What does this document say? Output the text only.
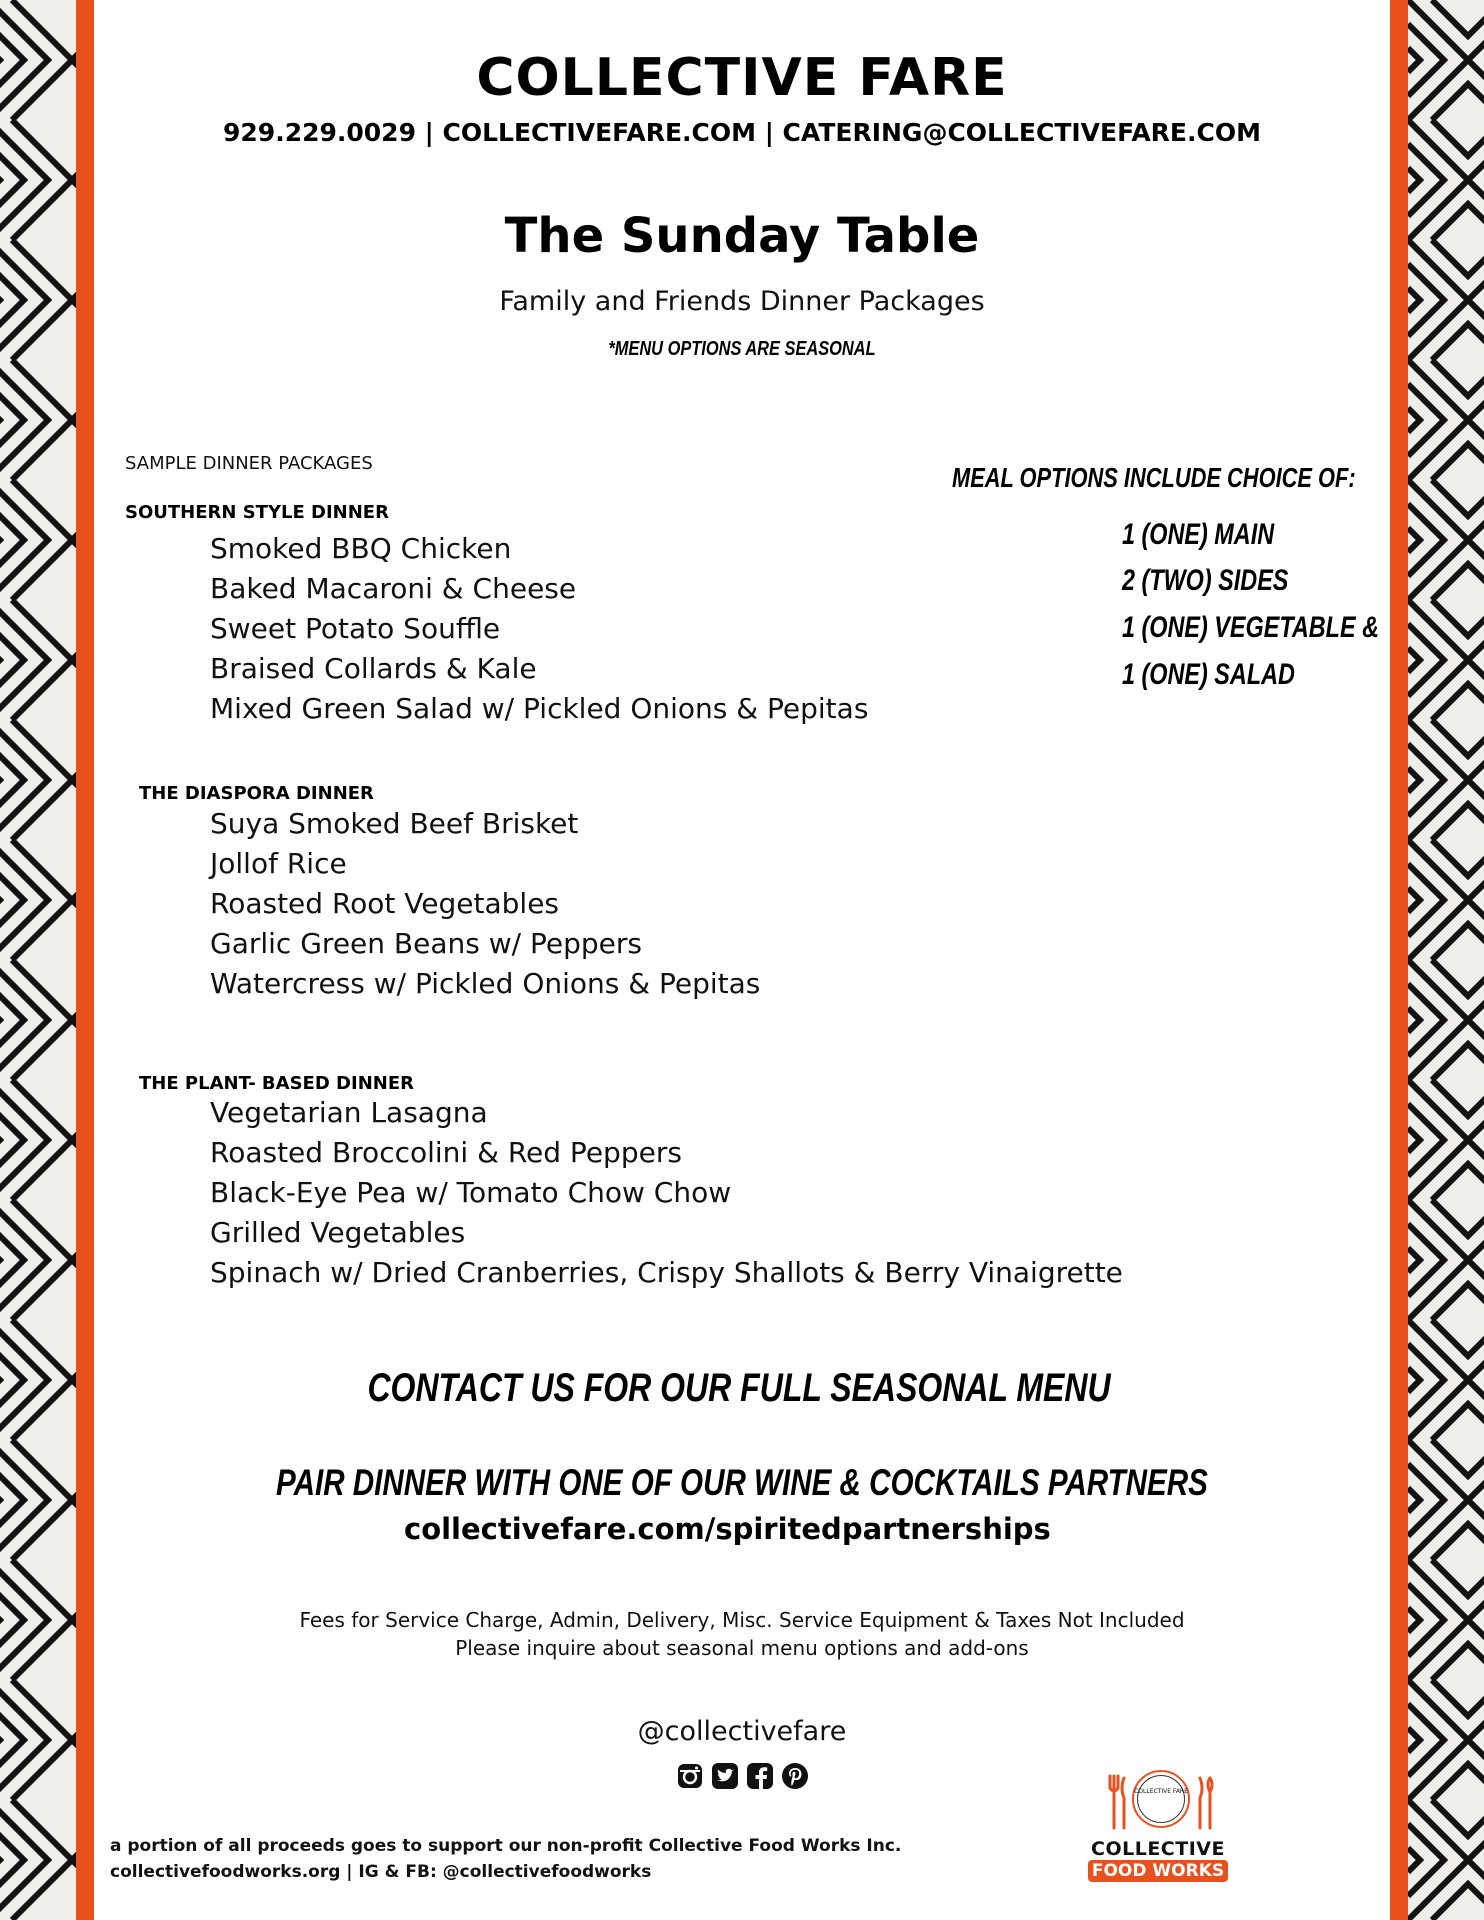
COLLECTIVE FARE
929.229.0029 | COLLECTIVEFARE.COM | CATERING@COLLECTIVEFARE.COM
The Sunday Table
Family and Friends Dinner Packages
*MENU OPTIONS ARE SEASONAL
SAMPLE DINNER PACKAGES
SOUTHERN STYLE DINNER
Smoked BBQ Chicken
Baked Macaroni & Cheese
Sweet Potato Souffle
Braised Collards & Kale
Mixed Green Salad w/ Pickled Onions & Pepitas
THE DIASPORA DINNER
Suya Smoked Beef Brisket
Jollof Rice
Roasted Root Vegetables
Garlic Green Beans w/ Peppers
Watercress w/ Pickled Onions & Pepitas
THE PLANT- BASED DINNER
Vegetarian Lasagna
Roasted Broccolini & Red Peppers
Black-Eye Pea w/ Tomato Chow Chow
Grilled Vegetables
Spinach w/ Dried Cranberries, Crispy Shallots & Berry Vinaigrette
MEAL OPTIONS INCLUDE CHOICE OF:
1 (ONE) MAIN
2 (TWO) SIDES
1 (ONE) VEGETABLE &
1 (ONE) SALAD
CONTACT US FOR OUR FULL SEASONAL MENU
PAIR DINNER WITH ONE OF OUR WINE & COCKTAILS PARTNERS
collectivefare.com/spiritedpartnerships
Fees for Service Charge, Admin, Delivery, Misc. Service Equipment & Taxes Not Included
Please inquire about seasonal menu options and add-ons
@collectivefare
a portion of all proceeds goes to support our non-profit Collective Food Works Inc.
collectivefoodworks.org | IG & FB: @collectivefoodworks
COLLECTIVE FARE
COLLECTIVE
FOOD WORKS
